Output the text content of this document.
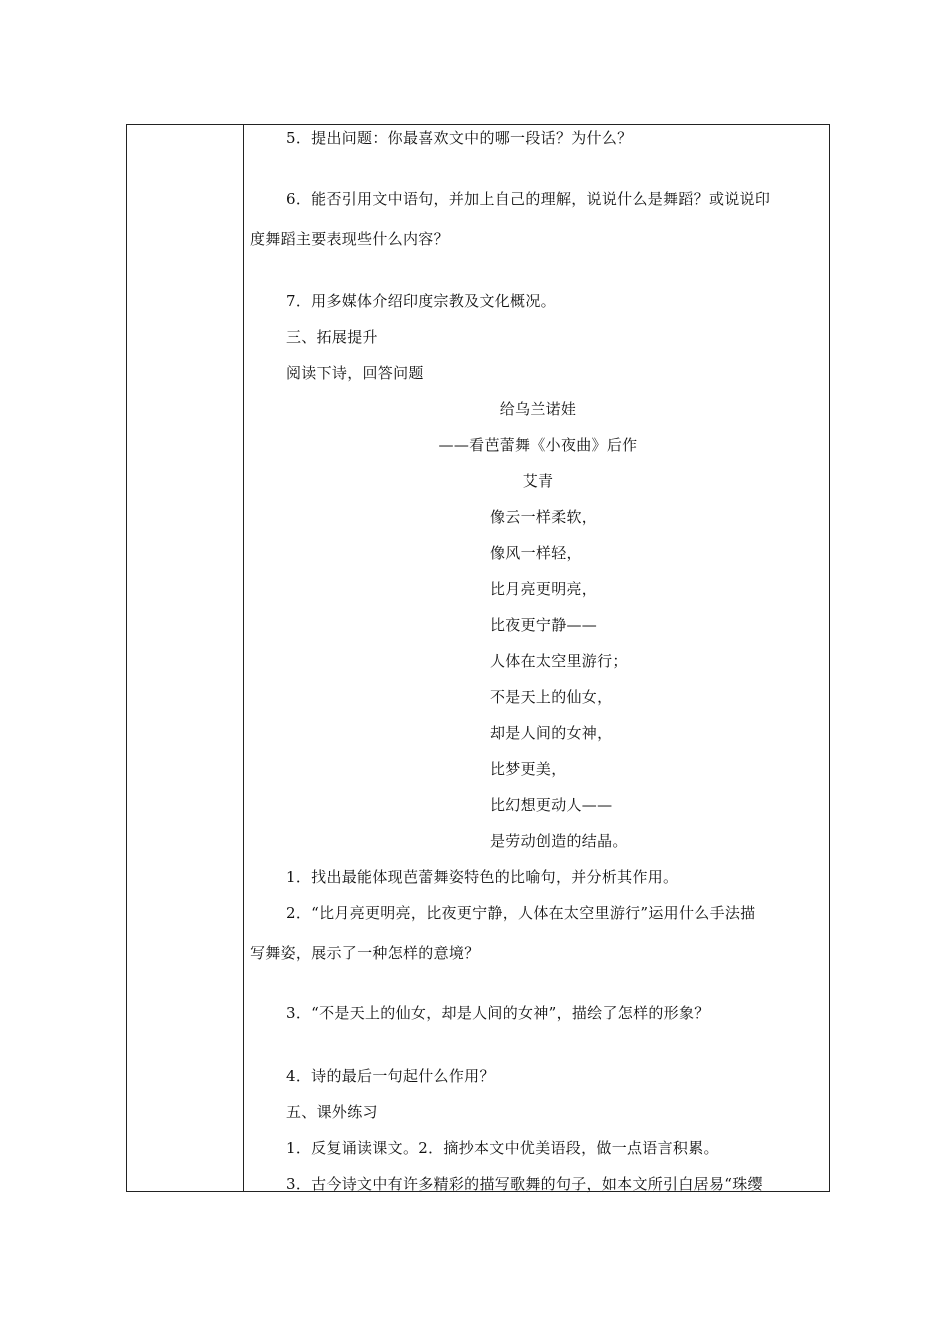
5．提出问题：你最喜欢文中的哪一段话？为什么？
6．能否引用文中语句，并加上自己的理解，说说什么是舞蹈？或说说印
度舞蹈主要表现些什么内容？
7．用多媒体介绍印度宗教及文化概况。
三、拓展提升
阅读下诗，回答问题
给乌兰诺娃
——看芭蕾舞《小夜曲》后作
艾青
像云一样柔软，
像风一样轻，
比月亮更明亮，
比夜更宁静——
人体在太空里游行；
不是天上的仙女，
却是人间的女神，
比梦更美，
比幻想更动人——
是劳动创造的结晶。
1．找出最能体现芭蕾舞姿特色的比喻句，并分析其作用。
2．“比月亮更明亮，比夜更宁静，人体在太空里游行”运用什么手法描
写舞姿，展示了一种怎样的意境？
3．“不是天上的仙女，却是人间的女神”，描绘了怎样的形象？
4．诗的最后一句起什么作用？
五、课外练习
1．反复诵读课文。2．摘抄本文中优美语段，做一点语言积累。
3．古今诗文中有许多精彩的描写歌舞的句子，如本文所引白居易“珠缨
